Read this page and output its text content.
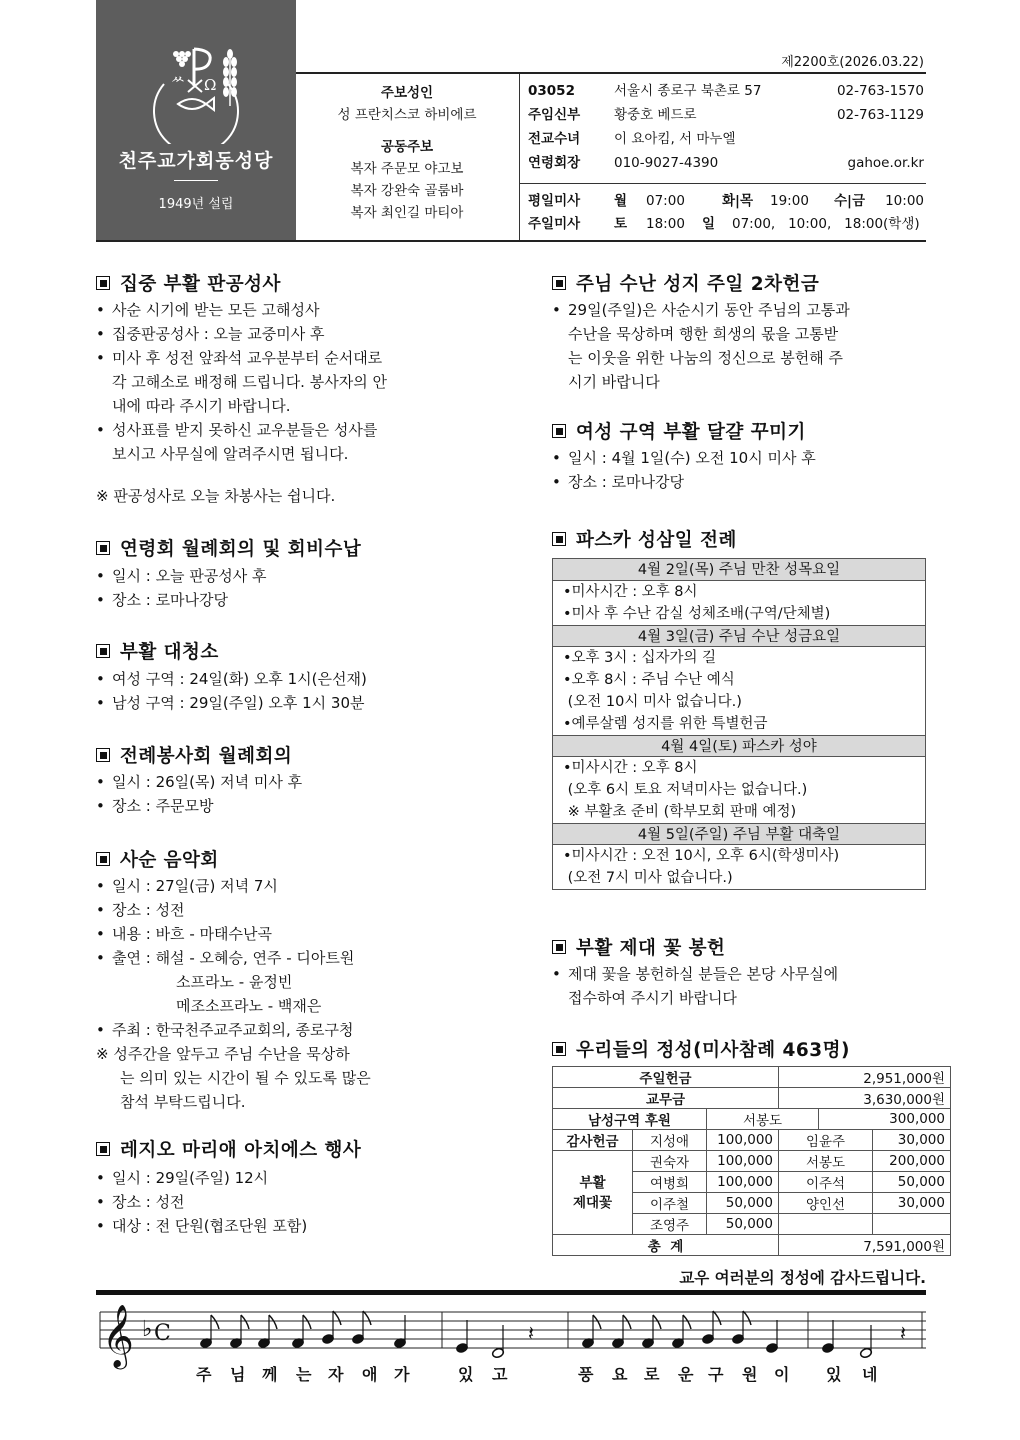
ᄊ Ω
천주교가회동성당
1949년 설립
제2200호(2026.03.22)
주보성인
성 프란치스코 하비에르
공동주보
복자 주문모 야고보
복자 강완숙 골룸바
복자 최인길 마티아
03052	서울시 종로구 북촌로 57	02-763-1570
주임신부	황중호 베드로	02-763-1129
전교수녀	이 요아킴, 서 마누엘
연령회장	010-9027-4390	gahoe.or.kr
평일미사	월 07:00	화|목 19:00 수|금 10:00
주일미사	토 18:00 일 07:00,   10:00,   18:00(학생)
집중 부활 판공성사
• 사순 시기에 받는 모든 고해성사
• 집중판공성사 : 오늘 교중미사 후
• 미사 후 성전 앞좌석 교우분부터 순서대로
각 고해소로 배정해 드립니다. 봉사자의 안
내에 따라 주시기 바랍니다.
• 성사표를 받지 못하신 교우분들은 성사를
보시고 사무실에 알려주시면 됩니다.
※ 판공성사로 오늘 차봉사는 쉽니다.
연령회 월례회의 및 회비수납
• 일시 : 오늘 판공성사 후
• 장소 : 로마나강당
부활 대청소
• 여성 구역 : 24일(화) 오후 1시(은선재)
• 남성 구역 : 29일(주일) 오후 1시 30분
전례봉사회 월례회의
• 일시 : 26일(목) 저녁 미사 후
• 장소 : 주문모방
사순 음악회
• 일시 : 27일(금) 저녁 7시
• 장소 : 성전
• 내용 : 바흐 - 마태수난곡
• 출연 : 해설 - 오혜승, 연주 - 디아트원
소프라노 - 윤정빈
메조소프라노 - 백재은
• 주최 : 한국천주교주교회의, 종로구청
※ 성주간을 앞두고 주님 수난을 묵상하
는 의미 있는 시간이 될 수 있도록 많은
참석 부탁드립니다.
레지오 마리애 아치에스 행사
• 일시 : 29일(주일) 12시
• 장소 : 성전
• 대상 : 전 단원(협조단원 포함)
주님 수난 성지 주일 2차헌금
• 29일(주일)은 사순시기 동안 주님의 고통과
수난을 묵상하며 행한 희생의 몫을 고통받
는 이웃을 위한 나눔의 정신으로 봉헌해 주
시기 바랍니다
여성 구역 부활 달걀 꾸미기
• 일시 : 4월 1일(수) 오전 10시 미사 후
• 장소 : 로마나강당
파스카 성삼일 전례
4월 2일(목) 주님 만찬 성목요일
•미사시간 : 오후 8시
•미사 후 수난 감실 성체조배(구역/단체별)
4월 3일(금) 주님 수난 성금요일
•오후 3시 : 십자가의 길
•오후 8시 : 주님 수난 예식
(오전 10시 미사 없습니다.)
•예루살렘 성지를 위한 특별헌금
4월 4일(토) 파스카 성야
•미사시간 : 오후 8시
(오후 6시 토요 저녁미사는 없습니다.)
※ 부활초 준비 (학부모회 판매 예정)
4월 5일(주일) 주님 부활 대축일
•미사시간 : 오전 10시, 오후 6시(학생미사)
(오전 7시 미사 없습니다.)
부활 제대 꽃 봉헌
• 제대 꽃을 봉헌하실 분들은 본당 사무실에
접수하여 주시기 바랍니다
우리들의 정성(미사참례 463명)
주일헌금			2,951,000원		
교무금			3,630,000원		
남성구역 후원		서봉도		300,000	
감사헌금	지성애	100,000	임윤주		30,000

부활
제대꽃	권숙자	100,000	서봉도		200,000
	여병희	100,000	이주석		50,000
	이주철	50,000	양인선		30,000
	조영주	50,000			
총  계			7,591,000원		
교우 여러분의 정성에 감사드립니다.
𝄞 ♭ C	𝄽	𝄽
주 님 께 는 자 애 가	있 고	풍 요 로 운 구 원 이 있 네
